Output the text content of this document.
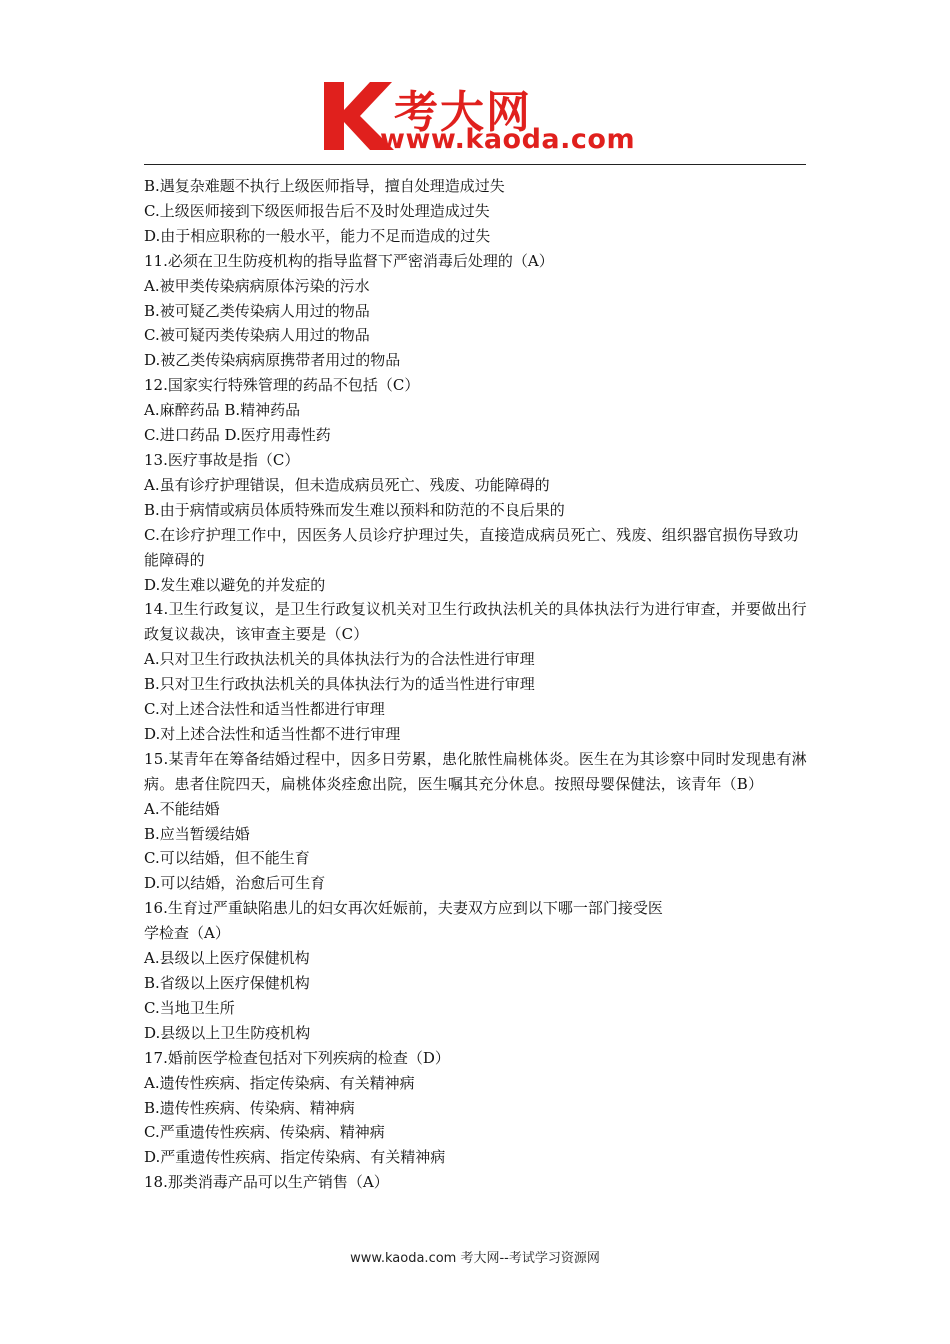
考大网
www.kaoda.com
B.遇复杂难题不执行上级医师指导，擅自处理造成过失
C.上级医师接到下级医师报告后不及时处理造成过失
D.由于相应职称的一般水平，能力不足而造成的过失
11.必须在卫生防疫机构的指导监督下严密消毒后处理的（A）
A.被甲类传染病病原体污染的污水
B.被可疑乙类传染病人用过的物品
C.被可疑丙类传染病人用过的物品
D.被乙类传染病病原携带者用过的物品
12.国家实行特殊管理的药品不包括（C）
A.麻醉药品 B.精神药品
C.进口药品 D.医疗用毒性药
13.医疗事故是指（C）
A.虽有诊疗护理错误，但未造成病员死亡、残废、功能障碍的
B.由于病情或病员体质特殊而发生难以预料和防范的不良后果的
C.在诊疗护理工作中，因医务人员诊疗护理过失，直接造成病员死亡、残废、组织器官损伤导致功能障碍的
D.发生难以避免的并发症的
14.卫生行政复议，是卫生行政复议机关对卫生行政执法机关的具体执法行为进行审查，并要做出行政复议裁决，该审查主要是（C）
A.只对卫生行政执法机关的具体执法行为的合法性进行审理
B.只对卫生行政执法机关的具体执法行为的适当性进行审理
C.对上述合法性和适当性都进行审理
D.对上述合法性和适当性都不进行审理
15.某青年在筹备结婚过程中，因多日劳累，患化脓性扁桃体炎。医生在为其诊察中同时发现患有淋病。患者住院四天，扁桃体炎痊愈出院，医生嘱其充分休息。按照母婴保健法，该青年（B）
A.不能结婚
B.应当暂缓结婚
C.可以结婚，但不能生育
D.可以结婚，治愈后可生育
16.生育过严重缺陷患儿的妇女再次妊娠前，夫妻双方应到以下哪一部门接受医
学检查（A）
A.县级以上医疗保健机构
B.省级以上医疗保健机构
C.当地卫生所
D.县级以上卫生防疫机构
17.婚前医学检查包括对下列疾病的检查（D）
A.遗传性疾病、指定传染病、有关精神病
B.遗传性疾病、传染病、精神病
C.严重遗传性疾病、传染病、精神病
D.严重遗传性疾病、指定传染病、有关精神病
18.那类消毒产品可以生产销售（A）
www.kaoda.com 考大网--考试学习资源网
